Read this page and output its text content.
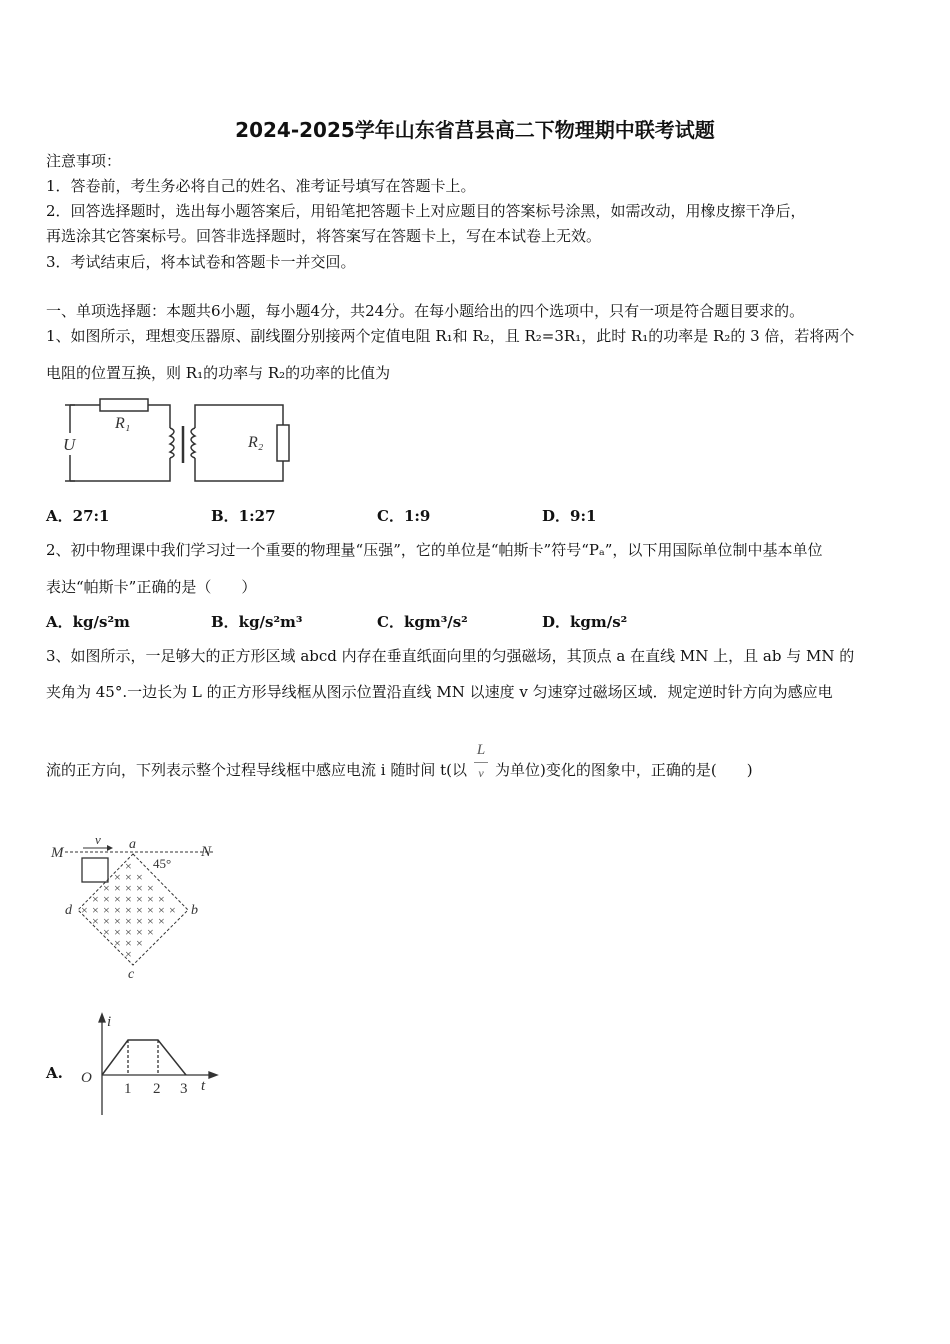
2024-2025学年山东省莒县高二下物理期中联考试题
注意事项：
1．答卷前，考生务必将自己的姓名、准考证号填写在答题卡上。
2．回答选择题时，选出每小题答案后，用铅笔把答题卡上对应题目的答案标号涂黑，如需改动，用橡皮擦干净后，
再选涂其它答案标号。回答非选择题时，将答案写在答题卡上，写在本试卷上无效。
3．考试结束后，将本试卷和答题卡一并交回。
一、单项选择题：本题共6小题，每小题4分，共24分。在每小题给出的四个选项中，只有一项是符合题目要求的。
1、如图所示，理想变压器原、副线圈分别接两个定值电阻 R₁和 R₂，且 R₂=3R₁，此时 R₁的功率是 R₂的 3 倍，若将两个
电阻的位置互换，则 R₁的功率与 R₂的功率的比值为
U
R₁
R₂
A．27:1	B．1:27	C．1:9	D．9:1
2、初中物理课中我们学习过一个重要的物理量“压强”，它的单位是“帕斯卡”符号“Pₐ”，以下用国际单位制中基本单位
表达“帕斯卡”正确的是（　　）
A．kg/s²m	B．kg/s²m³	C．kgm³/s²	D．kgm/s²
3、如图所示，一足够大的正方形区域 abcd 内存在垂直纸面向里的匀强磁场，其顶点 a 在直线 MN 上，且 ab 与 MN 的
夹角为 45°.一边长为 L 的正方形导线框从图示位置沿直线 MN 以速度 v 匀速穿过磁场区域．规定逆时针方向为感应电
流的正方向，下列表示整个过程导线框中感应电流 i 随时间 t(以 $\frac{L}{v}$ 为单位)变化的图象中，正确的是(　　)
×
× × ×
× × × × ×
× × × × × × ×
× × × × × × × × ×
× × × × × × ×
× × × × ×
× × ×
×
M	N
v a
b
c
d
45°
A.
i
t
O
1 2 3
